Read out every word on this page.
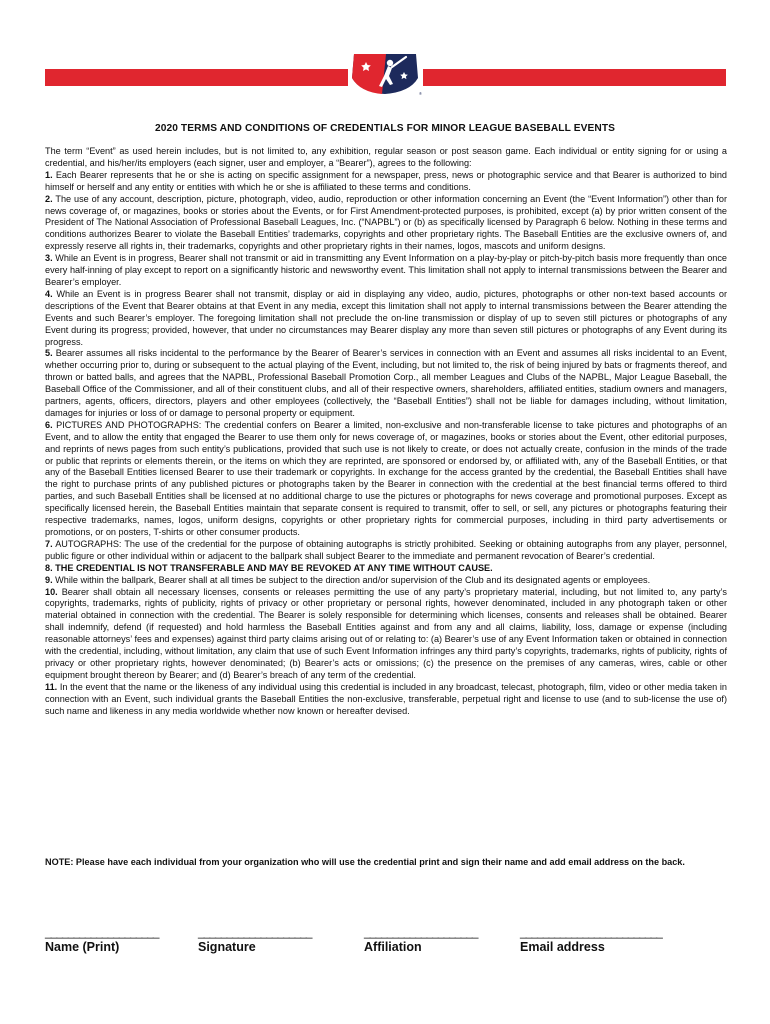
®
2020 TERMS AND CONDITIONS OF CREDENTIALS FOR MINOR LEAGUE BASEBALL EVENTS

The term “Event” as used herein includes, but is not limited to, any exhibition, regular season or post season game. Each individual or entity signing for or using a credential, and his/her/its employers (each signer, user and employer, a “Bearer”), agrees to the following:

1. Each Bearer represents that he or she is acting on specific assignment for a newspaper, press, news or photographic service and that Bearer is authorized to bind himself or herself and any entity or entities with which he or she is affiliated to these terms and conditions.

2. The use of any account, description, picture, photograph, video, audio, reproduction or other information concerning an Event (the “Event Information”) other than for news coverage of, or magazines, books or stories about the Events, or for First Amendment-protected purposes, is prohibited, except (a) by prior written consent of the President of The National Association of Professional Baseball Leagues, Inc. (“NAPBL”) or (b) as specifically licensed by Paragraph 6 below. Nothing in these terms and conditions authorizes Bearer to violate the Baseball Entities’ trademarks, copyrights and other proprietary rights. The Baseball Entities are the exclusive owners of, and expressly reserve all rights in, their trademarks, copyrights and other proprietary rights in their names, logos, mascots and uniform designs.

3. While an Event is in progress, Bearer shall not transmit or aid in transmitting any Event Information on a play-by-play or pitch-by-pitch basis more frequently than once every half-inning of play except to report on a significantly historic and newsworthy event. This limitation shall not apply to internal transmissions between the Bearer and Bearer’s employer.

4. While an Event is in progress Bearer shall not transmit, display or aid in displaying any video, audio, pictures, photographs or other non-text based accounts or descriptions of the Event that Bearer obtains at that Event in any media, except this limitation shall not apply to internal transmissions between the Bearer attending the Events and such Bearer’s employer. The foregoing limitation shall not preclude the on-line transmission or display of up to seven still pictures or photographs of any Event during its progress; provided, however, that under no circumstances may Bearer display any more than seven still pictures or photographs of any Event during its progress.

5. Bearer assumes all risks incidental to the performance by the Bearer of Bearer’s services in connection with an Event and assumes all risks incidental to an Event, whether occurring prior to, during or subsequent to the actual playing of the Event, including, but not limited to, the risk of being injured by bats or fragments thereof, and thrown or batted balls, and agrees that the NAPBL, Professional Baseball Promotion Corp., all member Leagues and Clubs of the NAPBL, Major League Baseball, the Baseball Office of the Commissioner, and all of their constituent clubs, and all of their respective owners, shareholders, affiliated entities, stadium owners and managers, partners, agents, officers, directors, players and other employees (collectively, the “Baseball Entities”) shall not be liable for damages including, without limitation, damages for injuries or loss of or damage to personal property or equipment.

6. PICTURES AND PHOTOGRAPHS: The credential confers on Bearer a limited, non-exclusive and non-transferable license to take pictures and photographs of an Event, and to allow the entity that engaged the Bearer to use them only for news coverage of, or magazines, books or stories about the Event, other editorial purposes, and reprints of news pages from such entity’s publications, provided that such use is not likely to create, or does not actually create, confusion in the minds of the trade or public that reprints or elements therein, or the items on which they are reprinted, are sponsored or endorsed by, or affiliated with, any of the Baseball Entities, or that any of the Baseball Entities licensed Bearer to use their trademark or copyrights. In exchange for the access granted by the credential, the Baseball Entities shall have the right to purchase prints of any published pictures or photographs taken by the Bearer in connection with the credential at the best financial terms offered to third parties, and such Baseball Entities shall be licensed at no additional charge to use the pictures or photographs for news coverage and promotional purposes. Except as specifically licensed herein, the Baseball Entities maintain that separate consent is required to transmit, offer to sell, or sell, any pictures or photographs featuring their respective trademarks, names, logos, uniform designs, copyrights or other proprietary rights for commercial purposes, including in third party advertisements or promotions, or on posters, T-shirts or other consumer products.

7. AUTOGRAPHS: The use of the credential for the purpose of obtaining autographs is strictly prohibited. Seeking or obtaining autographs from any player, personnel, public figure or other individual within or adjacent to the ballpark shall subject Bearer to the immediate and permanent revocation of Bearer’s credential.

8. THE CREDENTIAL IS NOT TRANSFERABLE AND MAY BE REVOKED AT ANY TIME WITHOUT CAUSE.

9. While within the ballpark, Bearer shall at all times be subject to the direction and/or supervision of the Club and its designated agents or employees.

10. Bearer shall obtain all necessary licenses, consents or releases permitting the use of any party’s proprietary material, including, but not limited to, any party’s copyrights, trademarks, rights of publicity, rights of privacy or other proprietary or personal rights, however denominated, included in any photograph taken or other material obtained in connection with the credential. The Bearer is solely responsible for determining which licenses, consents and releases shall be obtained. Bearer shall indemnify, defend (if requested) and hold harmless the Baseball Entities against and from any and all claims, liability, loss, damage or expense (including reasonable attorneys’ fees and expenses) against third party claims arising out of or relating to: (a) Bearer’s use of any Event Information taken or obtained in connection with the credential, including, without limitation, any claim that use of such Event Information infringes any third party’s copyrights, trademarks, rights of publicity, rights of privacy or other proprietary rights, however denominated; (b) Bearer’s acts or omissions; (c) the presence on the premises of any cameras, wires, cable or other equipment brought thereon by Bearer; and (d) Bearer’s breach of any term of the credential.

11. In the event that the name or the likeness of any individual using this credential is included in any broadcast, telecast, photograph, film, video or other media taken in connection with an Event, such individual grants the Baseball Entities the non-exclusive, transferable, perpetual right and license to use (and to sub-license the use of) such name and likeness in any media worldwide whether now known or hereafter devised.

NOTE: Please have each individual from your organization who will use the credential print and sign their name and add email address on the back.
____________________
Name (Print)
____________________
Signature
____________________
Affiliation
_________________________
Email address
